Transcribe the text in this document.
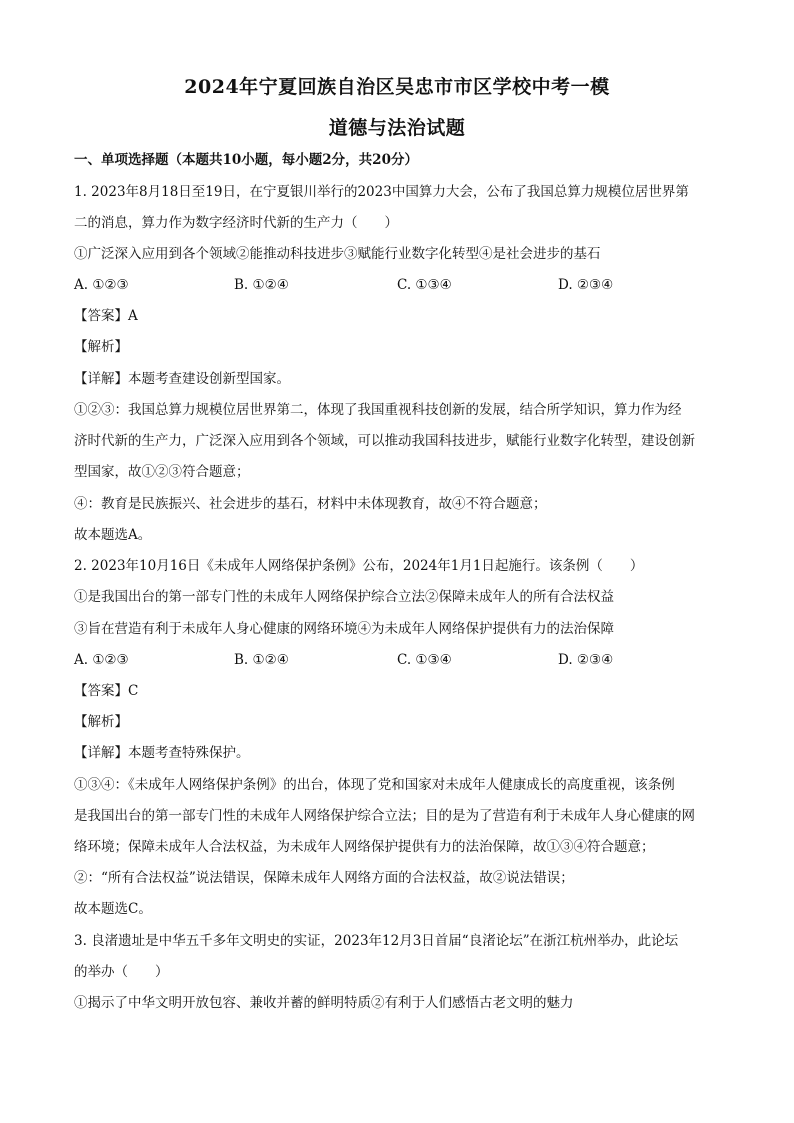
2024年宁夏回族自治区吴忠市市区学校中考一模
道德与法治试题
一、单项选择题（本题共10小题，每小题2分，共20分）
1. 2023年8月18日至19日，在宁夏银川举行的2023中国算力大会，公布了我国总算力规模位居世界第
二的消息，算力作为数字经济时代新的生产力（　　）
①广泛深入应用到各个领域②能推动科技进步③赋能行业数字化转型④是社会进步的基石
A. ①②③	B. ①②④	C. ①③④	D. ②③④
【答案】A
【解析】
【详解】本题考查建设创新型国家。
①②③：我国总算力规模位居世界第二，体现了我国重视科技创新的发展，结合所学知识，算力作为经
济时代新的生产力，广泛深入应用到各个领域，可以推动我国科技进步，赋能行业数字化转型，建设创新
型国家，故①②③符合题意；
④：教育是民族振兴、社会进步的基石，材料中未体现教育，故④不符合题意；
故本题选A。
2. 2023年10月16日《未成年人网络保护条例》公布，2024年1月1日起施行。该条例（　　）
①是我国出台的第一部专门性的未成年人网络保护综合立法②保障未成年人的所有合法权益
③旨在营造有利于未成年人身心健康的网络环境④为未成年人网络保护提供有力的法治保障
A. ①②③	B. ①②④	C. ①③④	D. ②③④
【答案】C
【解析】
【详解】本题考查特殊保护。
①③④：《未成年人网络保护条例》的出台，体现了党和国家对未成年人健康成长的高度重视，该条例
是我国出台的第一部专门性的未成年人网络保护综合立法；目的是为了营造有利于未成年人身心健康的网
络环境；保障未成年人合法权益，为未成年人网络保护提供有力的法治保障，故①③④符合题意；
②：“所有合法权益”说法错误，保障未成年人网络方面的合法权益，故②说法错误；
故本题选C。
3. 良渚遗址是中华五千多年文明史的实证，2023年12月3日首届“良渚论坛”在浙江杭州举办，此论坛
的举办（　　）
①揭示了中华文明开放包容、兼收并蓄的鲜明特质②有利于人们感悟古老文明的魅力
